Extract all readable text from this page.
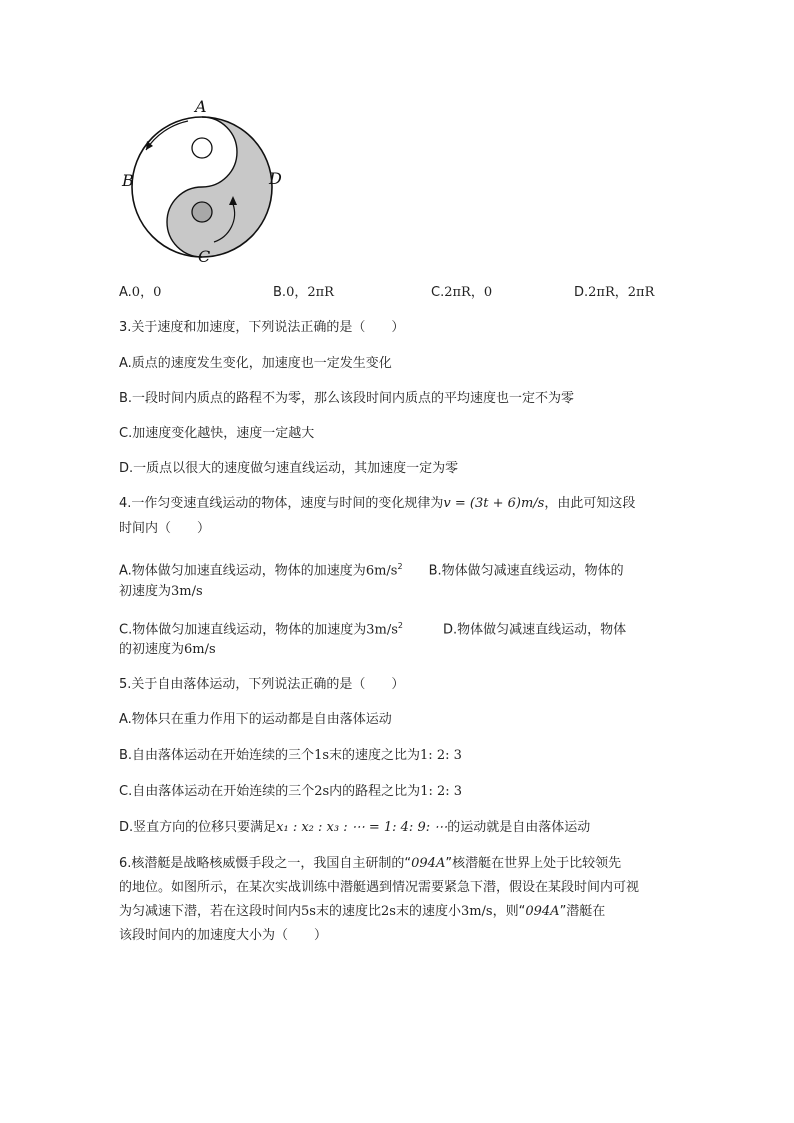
A
B
C
D
A.0，0	B.0，2πR	C.2πR，0	D.2πR，2πR
3.关于速度和加速度，下列说法正确的是（　　）
A.质点的速度发生变化，加速度也一定发生变化
B.一段时间内质点的路程不为零，那么该段时间内质点的平均速度也一定不为零
C.加速度变化越快，速度一定越大
D.一质点以很大的速度做匀速直线运动，其加速度一定为零
4.一作匀变速直线运动的物体，速度与时间的变化规律为v = (3t + 6)m/s，由此可知这段
时间内（　　）
A.物体做匀加速直线运动，物体的加速度为$6m/s^2$ B.物体做匀减速直线运动，物体的
初速度为3m/s
C.物体做匀加速直线运动，物体的加速度为$3m/s^2$	D.物体做匀减速直线运动，物体
的初速度为6m/s
5.关于自由落体运动，下列说法正确的是（　　）
A.物体只在重力作用下的运动都是自由落体运动
B.自由落体运动在开始连续的三个1s末的速度之比为1: 2: 3
C.自由落体运动在开始连续的三个2s内的路程之比为1: 2: 3
D.竖直方向的位移只要满足x₁ : x₂ : x₃ : ⋯ = 1: 4: 9: ⋯的运动就是自由落体运动
6.核潜艇是战略核威慑手段之一，我国自主研制的“094A”核潜艇在世界上处于比较领先
的地位。如图所示，在某次实战训练中潜艇遇到情况需要紧急下潜，假设在某段时间内可视
为匀减速下潜，若在这段时间内5s末的速度比2s末的速度小3m/s，则“094A”潜艇在
该段时间内的加速度大小为（　　）
